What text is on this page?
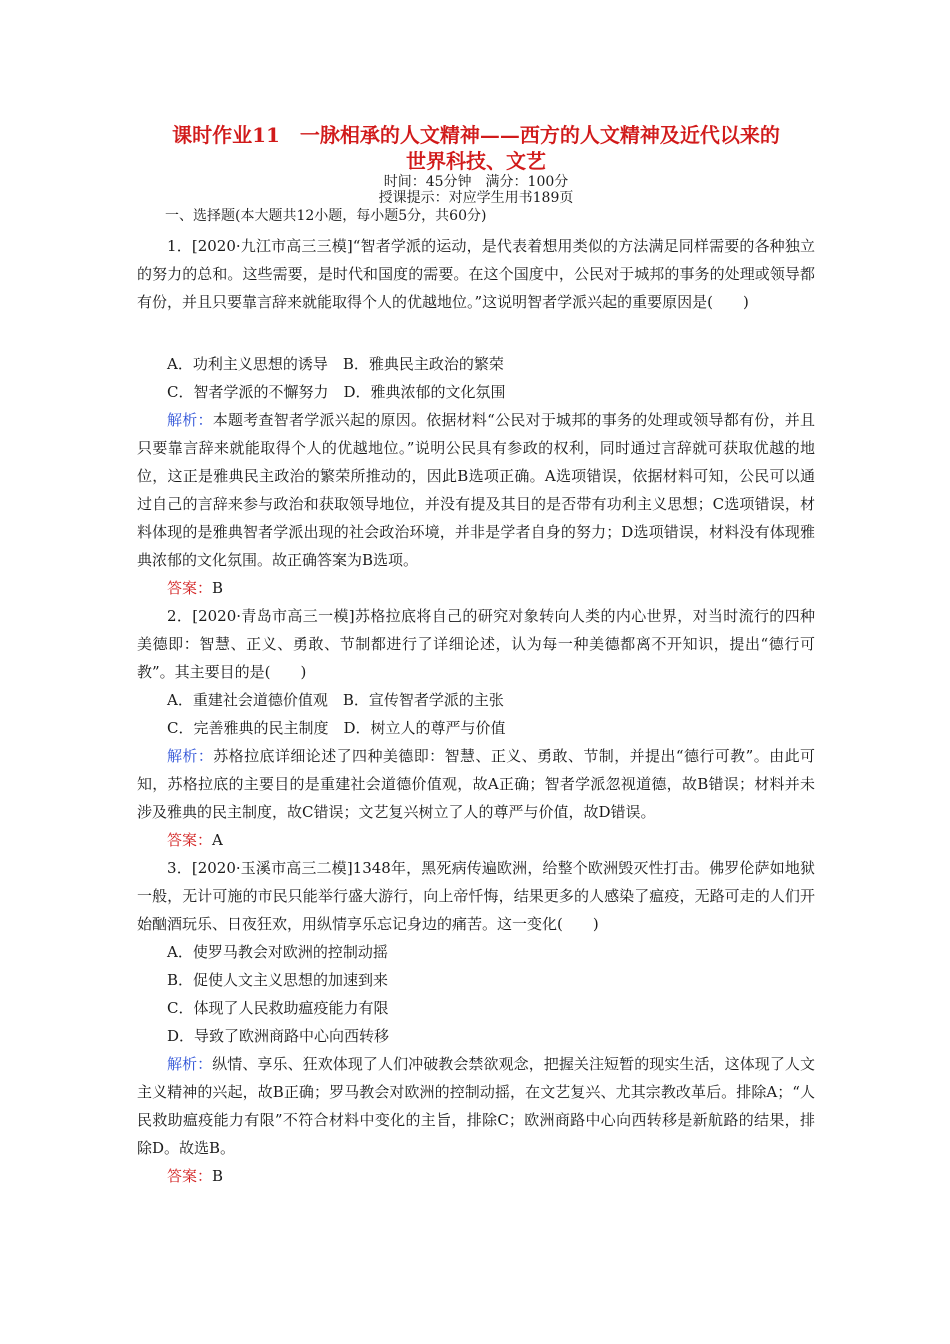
课时作业11　一脉相承的人文精神——西方的人文精神及近代以来的
世界科技、文艺

时间：45分钟　满分：100分

授课提示：对应学生用书189页

一、选择题(本大题共12小题，每小题5分，共60分)

1．[2020·九江市高三三模]“智者学派的运动，是代表着想用类似的方法满足同样需要的各种独立的努力的总和。这些需要，是时代和国度的需要。在这个国度中，公民对于城邦的事务的处理或领导都有份，并且只要靠言辞来就能取得个人的优越地位。”这说明智者学派兴起的重要原因是(　　)

A．功利主义思想的诱导　B．雅典民主政治的繁荣

C．智者学派的不懈努力　D．雅典浓郁的文化氛围

解析：本题考查智者学派兴起的原因。依据材料“公民对于城邦的事务的处理或领导都有份，并且只要靠言辞来就能取得个人的优越地位。”说明公民具有参政的权利，同时通过言辞就可获取优越的地位，这正是雅典民主政治的繁荣所推动的，因此B选项正确。A选项错误，依据材料可知，公民可以通过自己的言辞来参与政治和获取领导地位，并没有提及其目的是否带有功利主义思想；C选项错误，材料体现的是雅典智者学派出现的社会政治环境，并非是学者自身的努力；D选项错误，材料没有体现雅典浓郁的文化氛围。故正确答案为B选项。

答案：B

2．[2020·青岛市高三一模]苏格拉底将自己的研究对象转向人类的内心世界，对当时流行的四种美德即：智慧、正义、勇敢、节制都进行了详细论述，认为每一种美德都离不开知识，提出“德行可教”。其主要目的是(　　)

A．重建社会道德价值观　B．宣传智者学派的主张

C．完善雅典的民主制度　D．树立人的尊严与价值

解析：苏格拉底详细论述了四种美德即：智慧、正义、勇敢、节制，并提出“德行可教”。由此可知，苏格拉底的主要目的是重建社会道德价值观，故A正确；智者学派忽视道德，故B错误；材料并未涉及雅典的民主制度，故C错误；文艺复兴树立了人的尊严与价值，故D错误。

答案：A

3．[2020·玉溪市高三二模]1348年，黑死病传遍欧洲，给整个欧洲毁灭性打击。佛罗伦萨如地狱一般，无计可施的市民只能举行盛大游行，向上帝忏悔，结果更多的人感染了瘟疫，无路可走的人们开始酗酒玩乐、日夜狂欢，用纵情享乐忘记身边的痛苦。这一变化(　　)

A．使罗马教会对欧洲的控制动摇

B．促使人文主义思想的加速到来

C．体现了人民救助瘟疫能力有限

D．导致了欧洲商路中心向西转移

解析：纵情、享乐、狂欢体现了人们冲破教会禁欲观念，把握关注短暂的现实生活，这体现了人文主义精神的兴起，故B正确；罗马教会对欧洲的控制动摇，在文艺复兴、尤其宗教改革后。排除A；“人民救助瘟疫能力有限”不符合材料中变化的主旨，排除C；欧洲商路中心向西转移是新航路的结果，排除D。故选B。

答案：B
